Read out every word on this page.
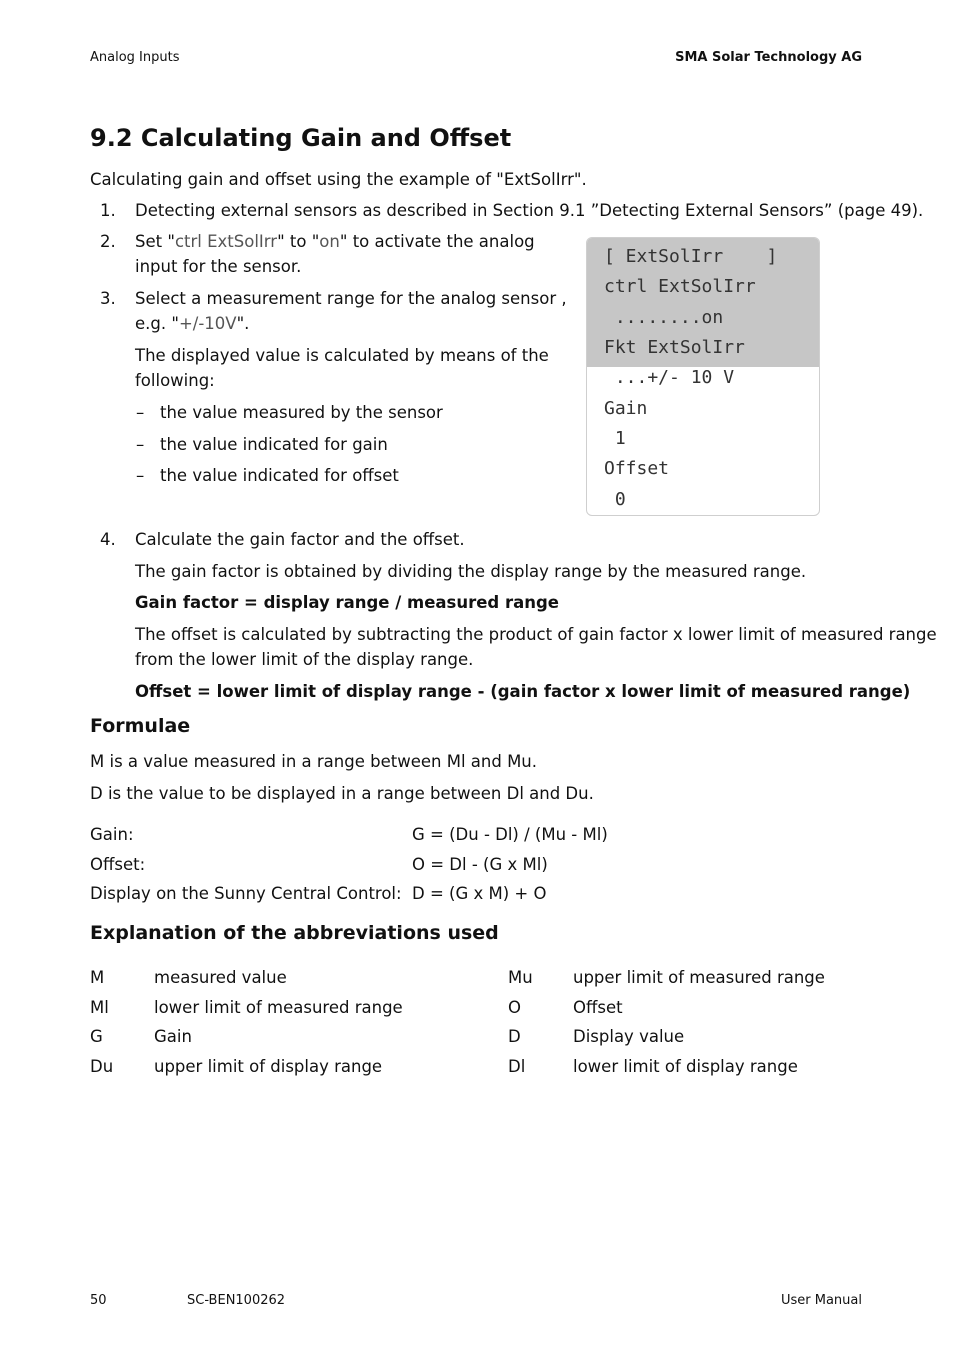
Analog Inputs	SMA Solar Technology AG
9.2 Calculating Gain and Offset
Calculating gain and offset using the example of "ExtSolIrr".
1. Detecting external sensors as described in Section 9.1 ”Detecting External Sensors” (page 49).
2. Set "ctrl ExtSolIrr" to "on" to activate the analog
input for the sensor.
3. Select a measurement range for the analog sensor ,
e.g. "+/-10V".
The displayed value is calculated by means of the
following:
– the value measured by the sensor
– the value indicated for gain
– the value indicated for offset
[ ExtSolIrr    ]
ctrl ExtSolIrr
........on
Fkt ExtSolIrr
...+/- 10 V
Gain
1
Offset
0
4. Calculate the gain factor and the offset.
The gain factor is obtained by dividing the display range by the measured range.
Gain factor = display range / measured range
The offset is calculated by subtracting the product of gain factor x lower limit of measured range
from the lower limit of the display range.
Offset = lower limit of display range - (gain factor x lower limit of measured range)
Formulae
M is a value measured in a range between Ml and Mu.
D is the value to be displayed in a range between Dl and Du.
Gain:	G = (Du - Dl) / (Mu - Ml)
Offset:	O = Dl - (G x Ml)
Display on the Sunny Central Control: D = (G x M) + O
Explanation of the abbreviations used
M	measured value	Mu upper limit of measured range
Ml	lower limit of measured range	O	Offset
G	Gain	D	Display value
Du upper limit of display range	Dl	lower limit of display range
50	SC-BEN100262	User Manual
